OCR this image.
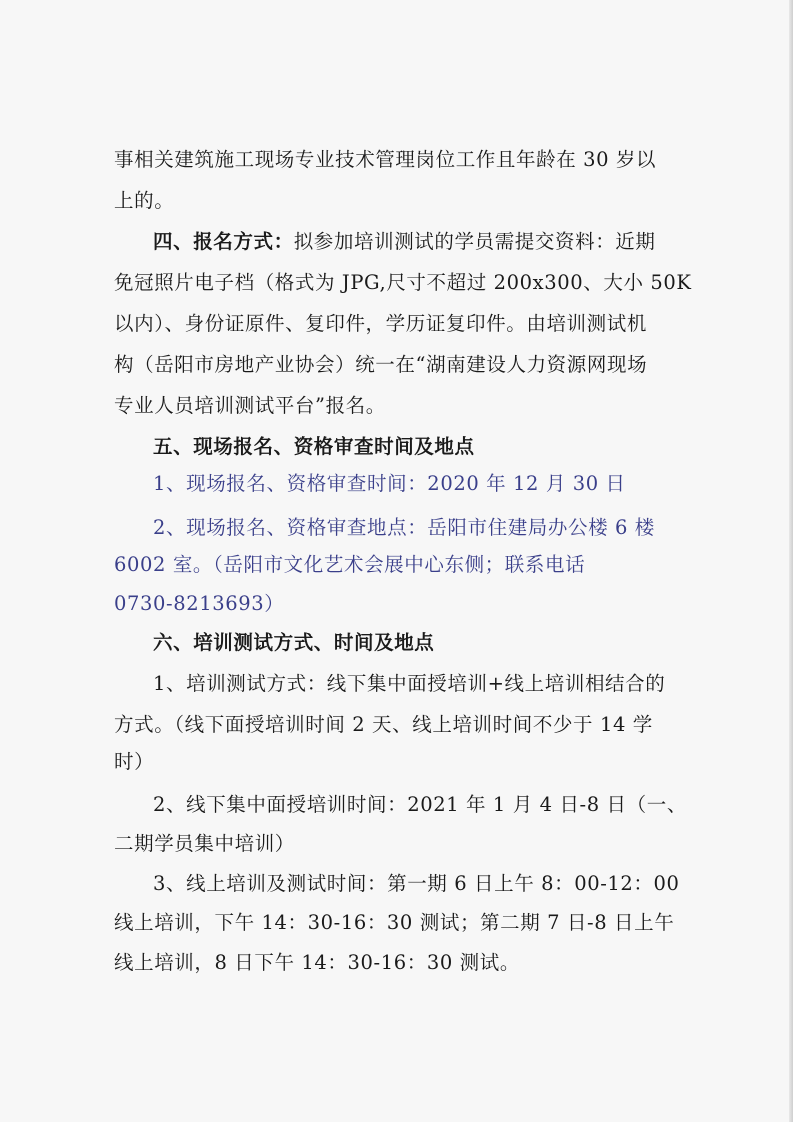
事相关建筑施工现场专业技术管理岗位工作且年龄在 30 岁以
上的。
四、报名方式：拟参加培训测试的学员需提交资料：近期
免冠照片电子档（格式为 JPG,尺寸不超过 200x300、大小 50K
以内）、身份证原件、复印件，学历证复印件。由培训测试机
构（岳阳市房地产业协会）统一在“湖南建设人力资源网现场
专业人员培训测试平台”报名。
五、现场报名、资格审查时间及地点
1、现场报名、资格审查时间：2020 年 12 月 30 日
2、现场报名、资格审查地点：岳阳市住建局办公楼 6 楼
6002 室。（岳阳市文化艺术会展中心东侧；联系电话
0730-8213693）
六、培训测试方式、时间及地点
1、培训测试方式：线下集中面授培训+线上培训相结合的
方式。（线下面授培训时间 2 天、线上培训时间不少于 14 学
时）
2、线下集中面授培训时间：2021 年 1 月 4 日-8 日（一、
二期学员集中培训）
3、线上培训及测试时间：第一期 6 日上午 8：00-12：00
线上培训，下午 14：30-16：30 测试；第二期 7 日-8 日上午
线上培训，8 日下午 14：30-16：30 测试。
